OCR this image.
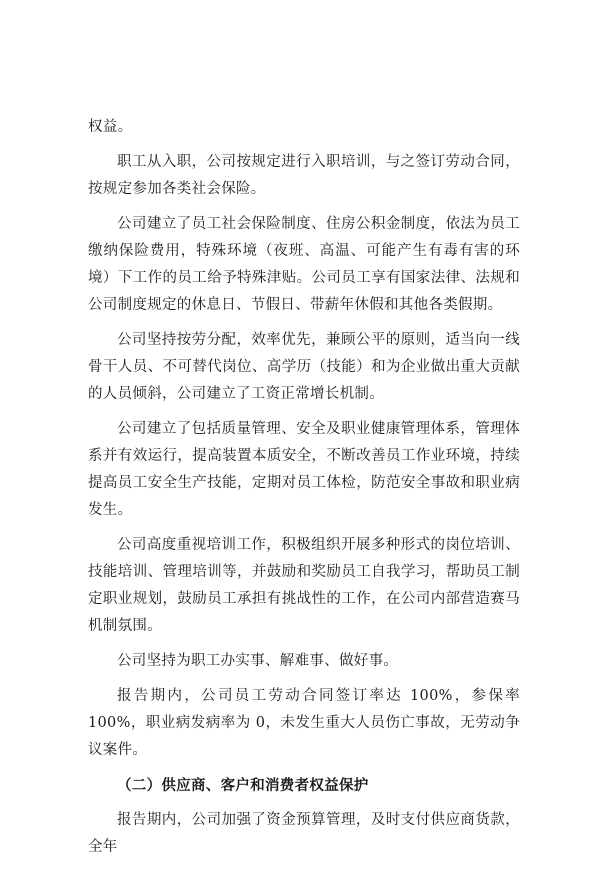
权益。

职工从入职，公司按规定进行入职培训，与之签订劳动合同，按规定参加各类社会保险。

公司建立了员工社会保险制度、住房公积金制度，依法为员工缴纳保险费用，特殊环境（夜班、高温、可能产生有毒有害的环境）下工作的员工给予特殊津贴。公司员工享有国家法律、法规和公司制度规定的休息日、节假日、带薪年休假和其他各类假期。

公司坚持按劳分配，效率优先，兼顾公平的原则，适当向一线骨干人员、不可替代岗位、高学历（技能）和为企业做出重大贡献的人员倾斜，公司建立了工资正常增长机制。

公司建立了包括质量管理、安全及职业健康管理体系，管理体系并有效运行，提高装置本质安全，不断改善员工作业环境，持续提高员工安全生产技能，定期对员工体检，防范安全事故和职业病发生。

公司高度重视培训工作，积极组织开展多种形式的岗位培训、技能培训、管理培训等，并鼓励和奖励员工自我学习，帮助员工制定职业规划，鼓励员工承担有挑战性的工作，在公司内部营造赛马机制氛围。

公司坚持为职工办实事、解难事、做好事。

报告期内，公司员工劳动合同签订率达 100%，参保率 100%，职业病发病率为 0，未发生重大人员伤亡事故，无劳动争议案件。

（二）供应商、客户和消费者权益保护

报告期内，公司加强了资金预算管理，及时支付供应商货款，全年
